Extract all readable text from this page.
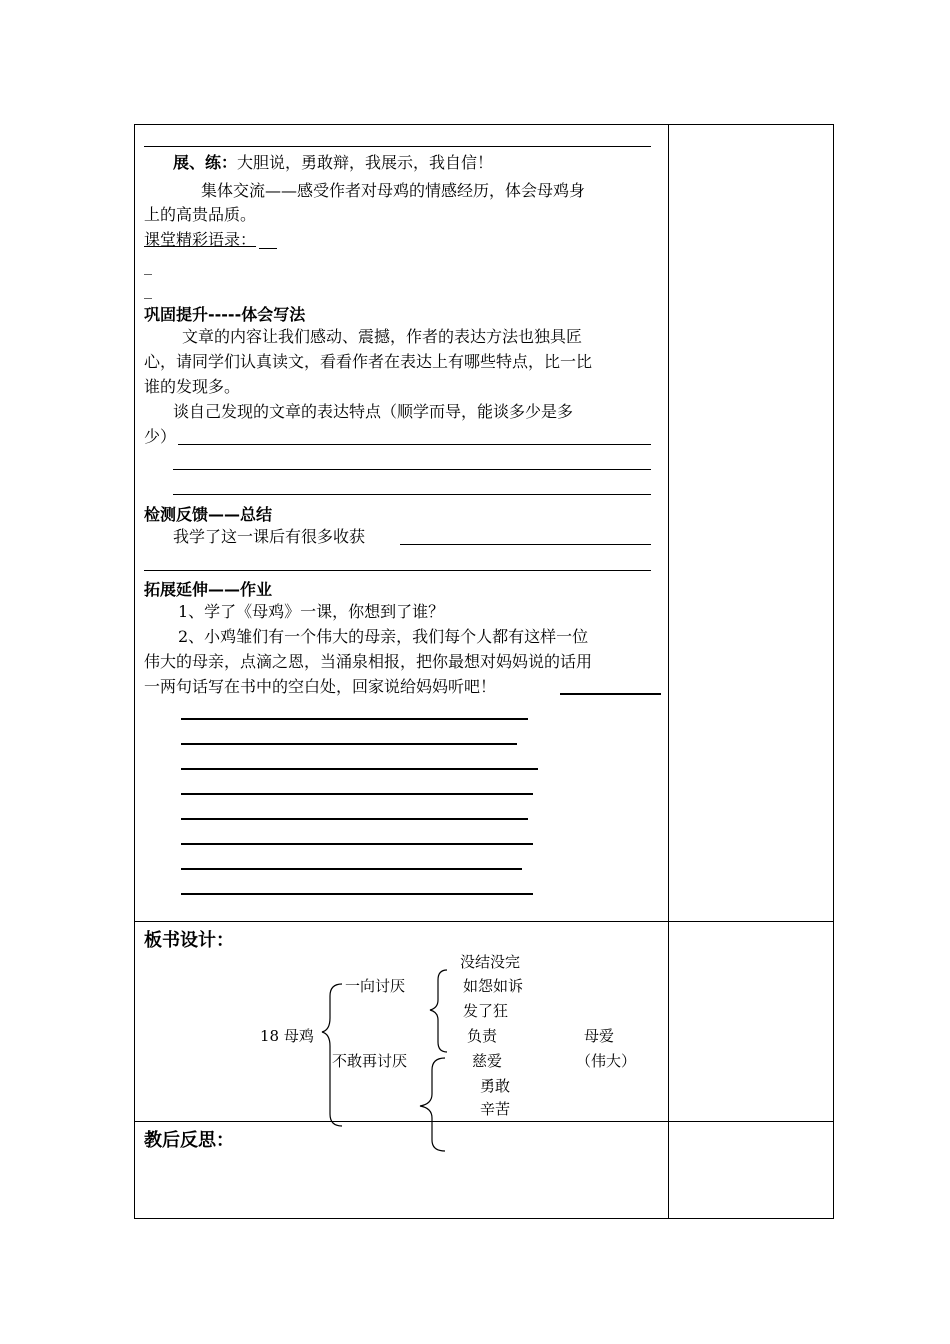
展、练：大胆说，勇敢辩，我展示，我自信！
集体交流——感受作者对母鸡的情感经历，体会母鸡身
上的高贵品质。
课堂精彩语录：
_
_
巩固提升-----体会写法
文章的内容让我们感动、震撼，作者的表达方法也独具匠
心，请同学们认真读文，看看作者在表达上有哪些特点，比一比
谁的发现多。
谈自己发现的文章的表达特点（顺学而导，能谈多少是多
少）
检测反馈——总结
我学了这一课后有很多收获
拓展延伸——作业
1、学了《母鸡》一课，你想到了谁？
2、小鸡雏们有一个伟大的母亲，我们每个人都有这样一位
伟大的母亲，点滴之恩，当涌泉相报，把你最想对妈妈说的话用
一两句话写在书中的空白处，回家说给妈妈听吧！
板书设计：
18 母鸡
一向讨厌
不敢再讨厌
没结没完
如怨如诉
发了狂
负责
慈爱
勇敢
辛苦
母爱
（伟大）
教后反思：
